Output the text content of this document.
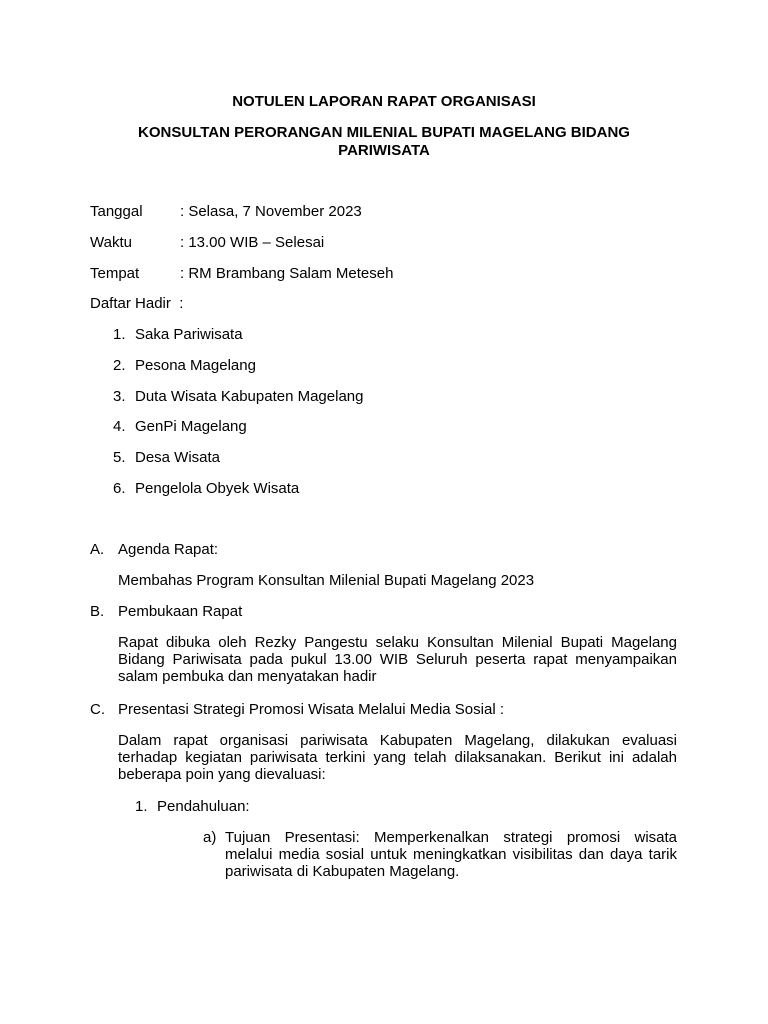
NOTULEN LAPORAN RAPAT ORGANISASI
KONSULTAN PERORANGAN MILENIAL BUPATI MAGELANG BIDANG PARIWISATA
Tanggal : Selasa, 7 November 2023
Waktu	: 13.00 WIB – Selesai
Tempat	: RM Brambang Salam Meteseh
Daftar Hadir  :
1. Saka Pariwisata
2. Pesona Magelang
3. Duta Wisata Kabupaten Magelang
4. GenPi Magelang
5. Desa Wisata
6. Pengelola Obyek Wisata
A. Agenda Rapat:
Membahas Program Konsultan Milenial Bupati Magelang 2023
B. Pembukaan Rapat
Rapat dibuka oleh Rezky Pangestu selaku Konsultan Milenial Bupati Magelang Bidang Pariwisata pada pukul 13.00 WIB Seluruh peserta rapat menyampaikan salam pembuka dan menyatakan hadir
C. Presentasi Strategi Promosi Wisata Melalui Media Sosial :
Dalam rapat organisasi pariwisata Kabupaten Magelang, dilakukan evaluasi terhadap kegiatan pariwisata terkini yang telah dilaksanakan. Berikut ini adalah beberapa poin yang dievaluasi:
1. Pendahuluan:
a) Tujuan Presentasi: Memperkenalkan strategi promosi wisata melalui media sosial untuk meningkatkan visibilitas dan daya tarik pariwisata di Kabupaten Magelang.
